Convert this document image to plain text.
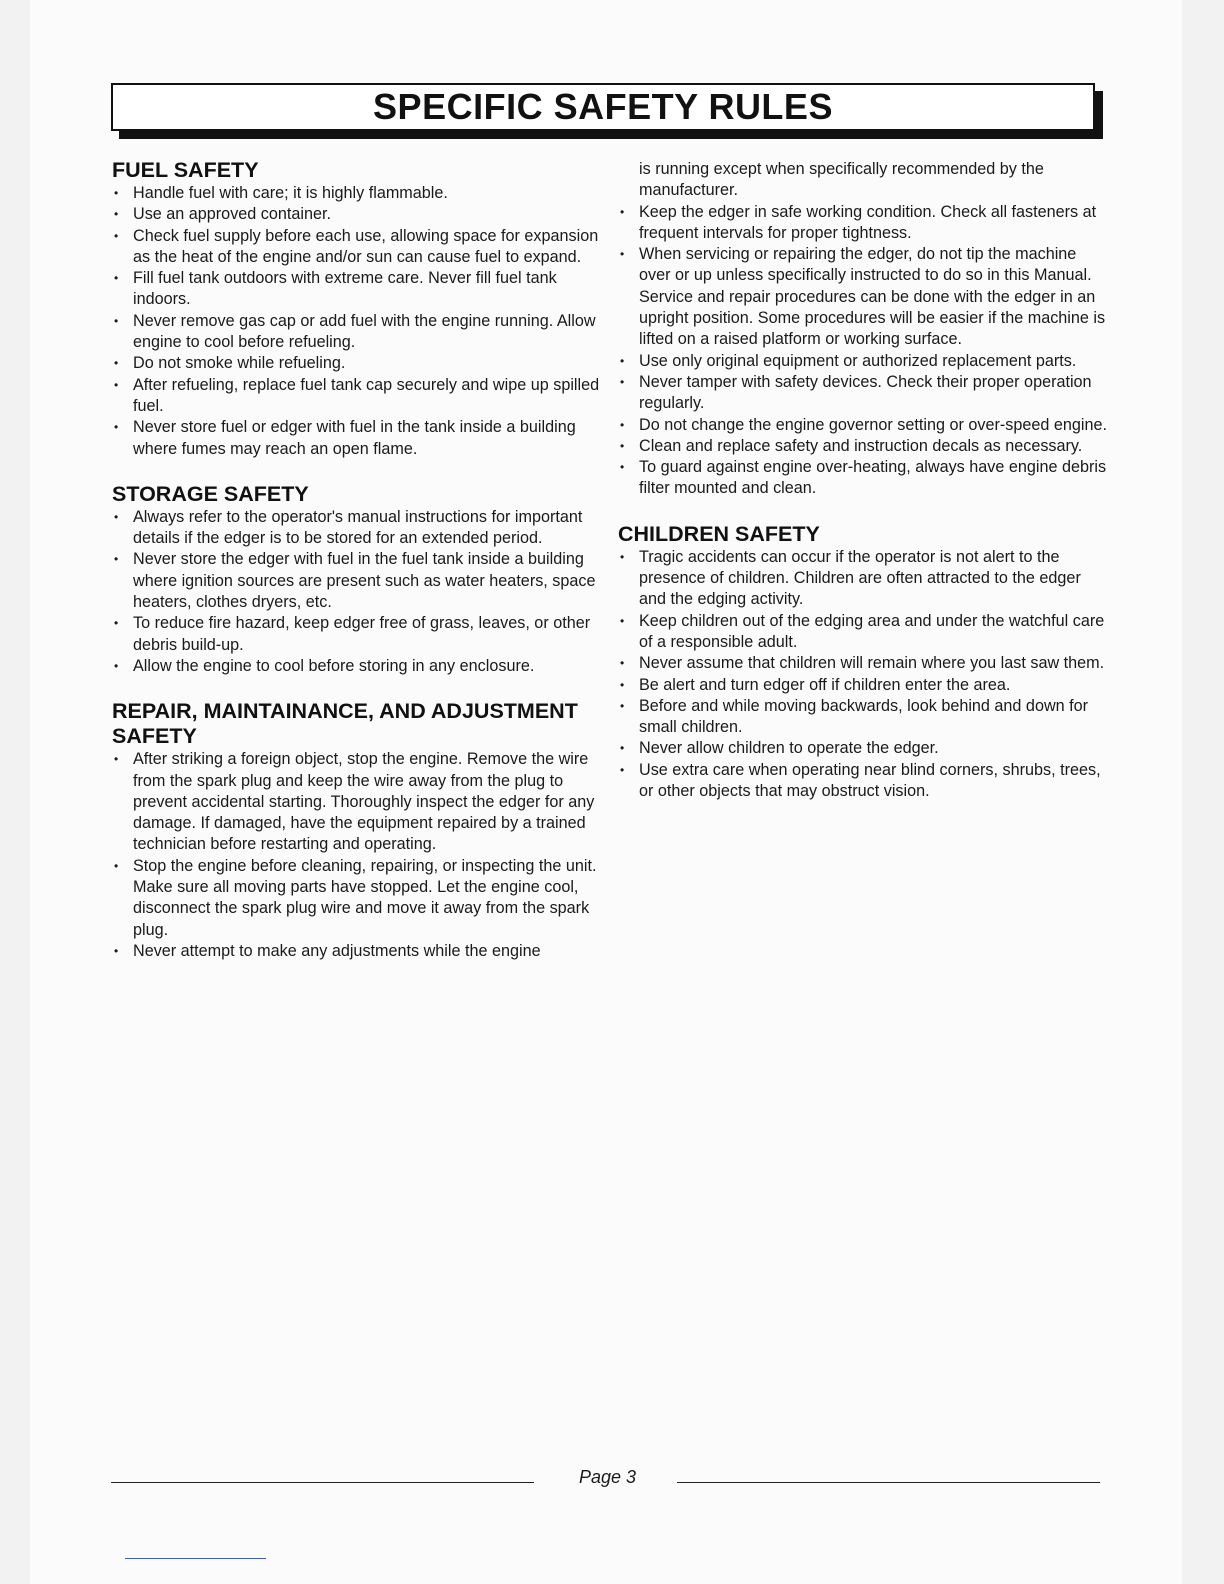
SPECIFIC SAFETY RULES
FUEL SAFETY
• Handle fuel with care; it is highly flammable.
• Use an approved container.
• Check fuel supply before each use, allowing space for expansion as the heat of the engine and/or sun can cause fuel to expand.
• Fill fuel tank outdoors with extreme care. Never fill fuel tank indoors.
• Never remove gas cap or add fuel with the engine running. Allow engine to cool before refueling.
• Do not smoke while refueling.
• After refueling, replace fuel tank cap securely and wipe up spilled fuel.
• Never store fuel or edger with fuel in the tank inside a building where fumes may reach an open flame.
STORAGE SAFETY
• Always refer to the operator's manual instructions for important details if the edger is to be stored for an extended period.
• Never store the edger with fuel in the fuel tank inside a building where ignition sources are present such as water heaters, space heaters, clothes dryers, etc.
• To reduce fire hazard, keep edger free of grass, leaves, or other debris build-up.
• Allow the engine to cool before storing in any enclosure.
REPAIR, MAINTAINANCE, AND ADJUSTMENT SAFETY
• After striking a foreign object, stop the engine. Remove the wire from the spark plug and keep the wire away from the plug to prevent accidental starting. Thoroughly inspect the edger for any damage. If damaged, have the equipment repaired by a trained technician before restarting and operating.
• Stop the engine before cleaning, repairing, or inspecting the unit. Make sure all moving parts have stopped. Let the engine cool, disconnect the spark plug wire and move it away from the spark plug.
• Never attempt to make any adjustments while the engine
is running except when specifically recommended by the manufacturer.
• Keep the edger in safe working condition. Check all fasteners at frequent intervals for proper tightness.
• When servicing or repairing the edger, do not tip the machine over or up unless specifically instructed to do so in this Manual. Service and repair procedures can be done with the edger in an upright position. Some procedures will be easier if the machine is lifted on a raised platform or working surface.
• Use only original equipment or authorized replacement parts.
• Never tamper with safety devices. Check their proper operation regularly.
• Do not change the engine governor setting or over-speed engine.
• Clean and replace safety and instruction decals as necessary.
• To guard against engine over-heating, always have engine debris filter mounted and clean.
CHILDREN SAFETY
• Tragic accidents can occur if the operator is not alert to the presence of children. Children are often attracted to the edger and the edging activity.
• Keep children out of the edging area and under the watchful care of a responsible adult.
• Never assume that children will remain where you last saw them.
• Be alert and turn edger off if children enter the area.
• Before and while moving backwards, look behind and down for small children.
• Never allow children to operate the edger.
• Use extra care when operating near blind corners, shrubs, trees, or other objects that may obstruct vision.
Page 3
